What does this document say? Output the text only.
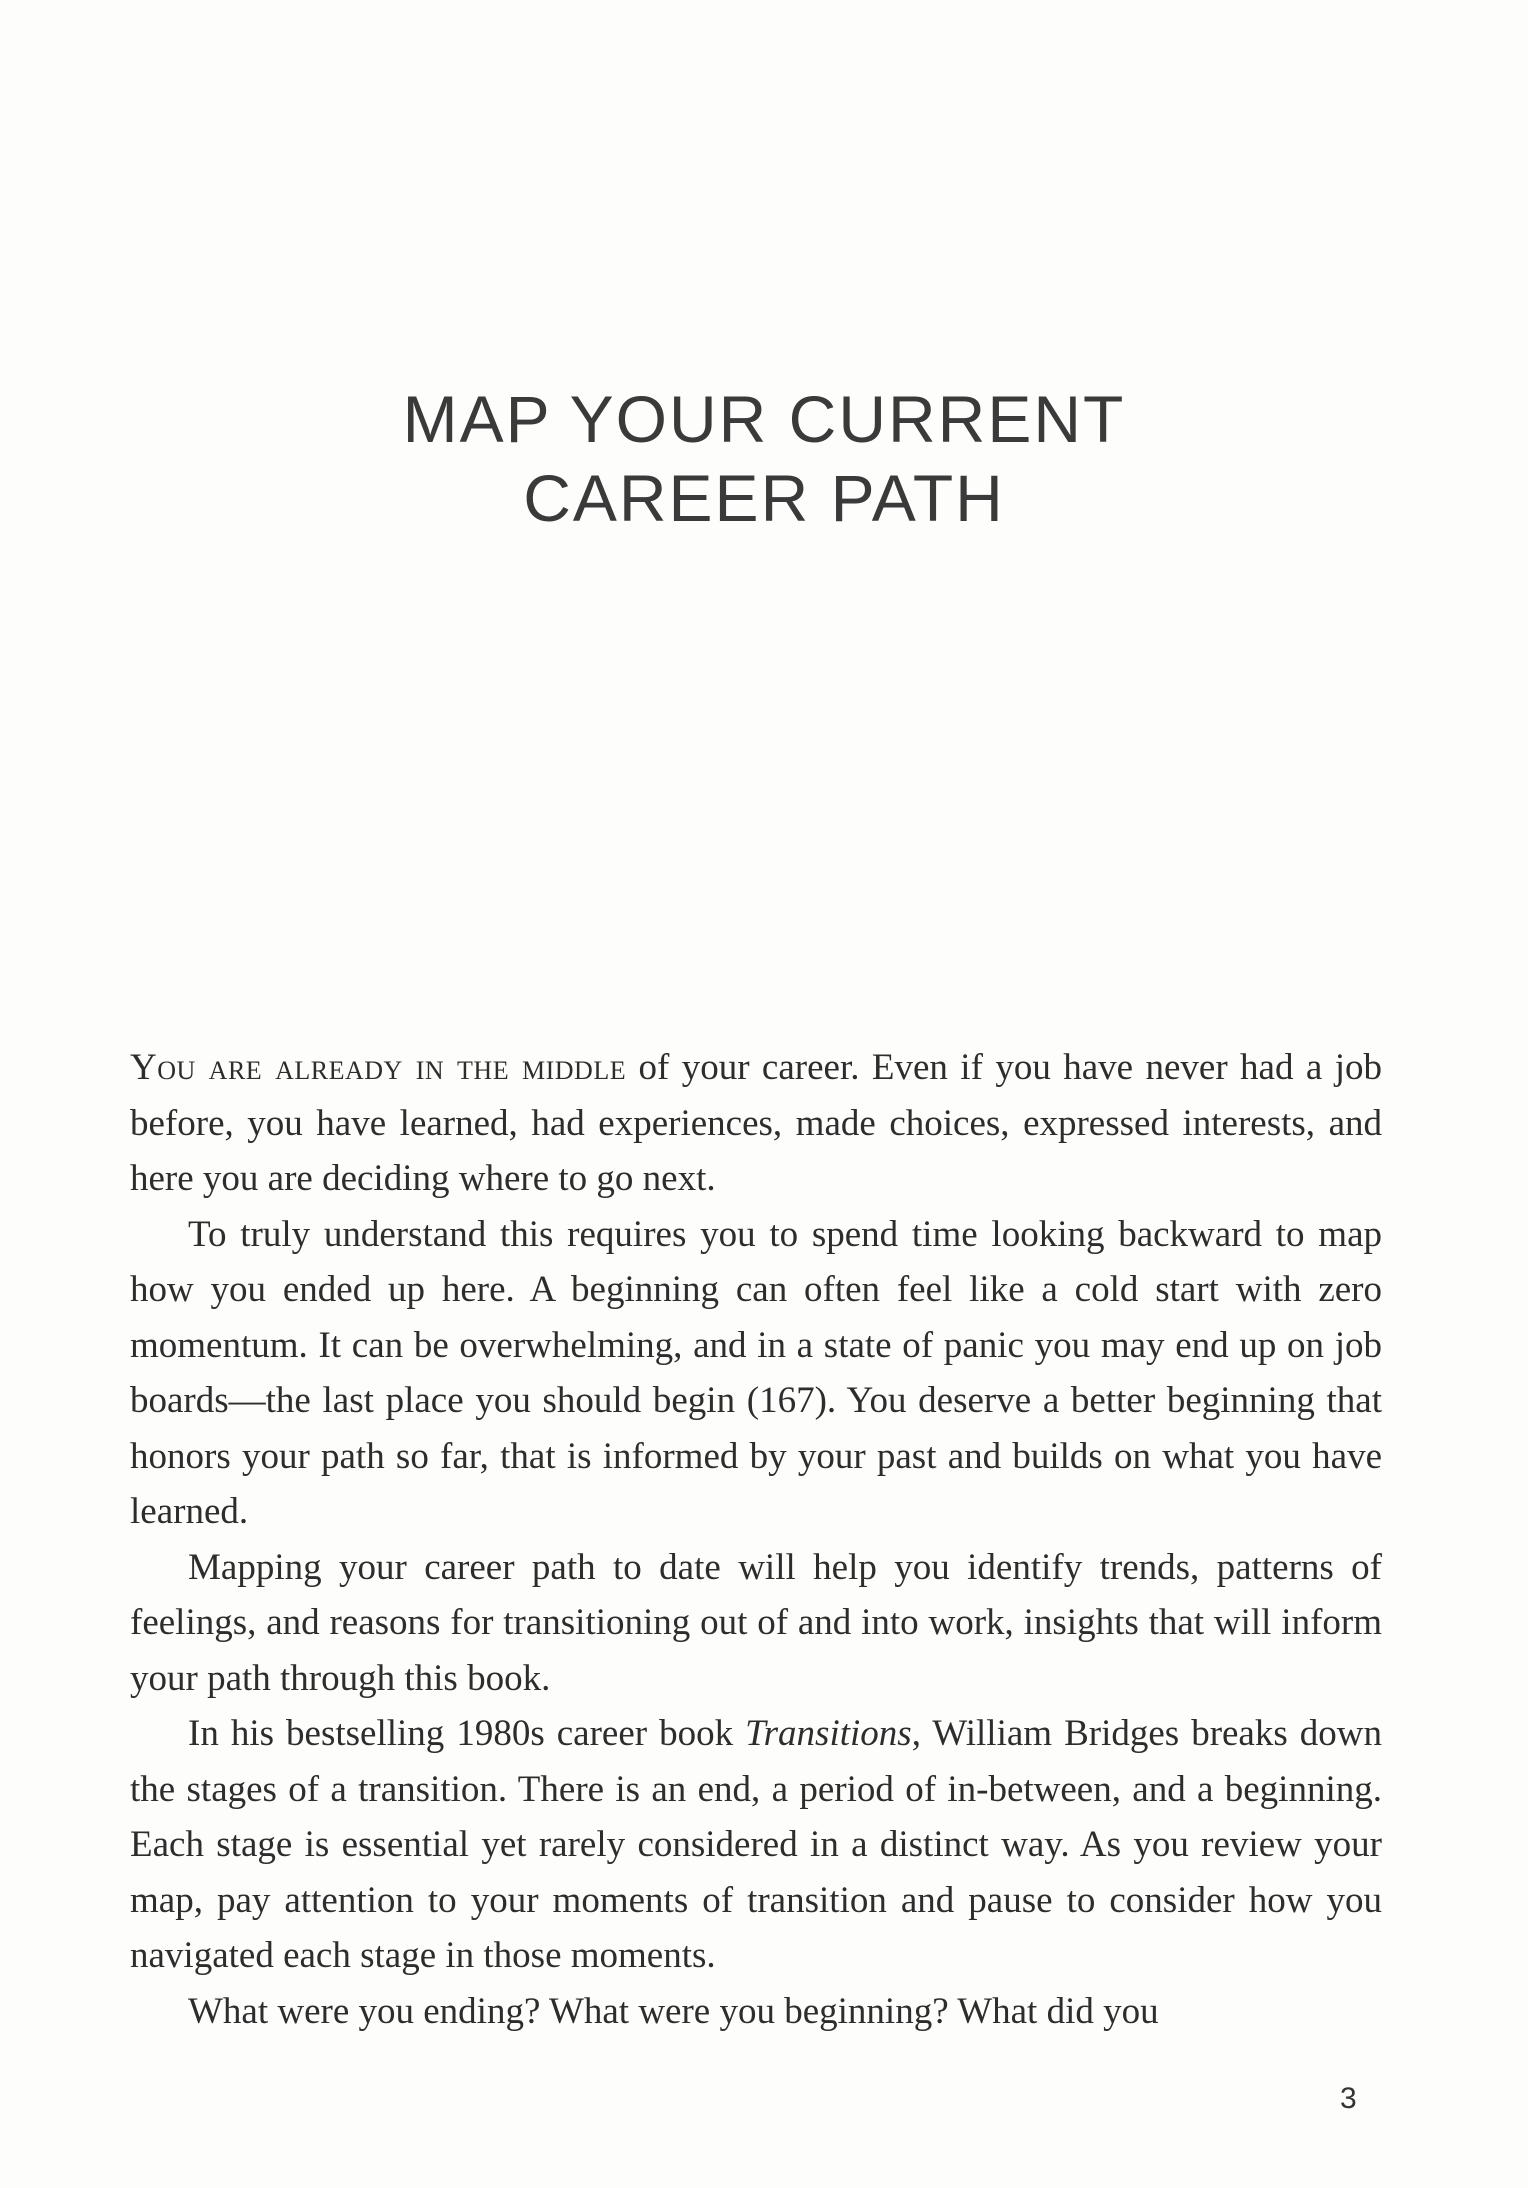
MAP YOUR CURRENT
CAREER PATH

You are already in the middle of your career. Even if you have never had a job before, you have learned, had experiences, made choices, expressed interests, and here you are deciding where to go next.

To truly understand this requires you to spend time looking backward to map how you ended up here. A beginning can often feel like a cold start with zero momentum. It can be overwhelming, and in a state of panic you may end up on job boards—the last place you should begin (167). You deserve a better beginning that honors your path so far, that is informed by your past and builds on what you have learned.

Mapping your career path to date will help you identify trends, patterns of feelings, and reasons for transitioning out of and into work, insights that will inform your path through this book.

In his bestselling 1980s career book Transitions, William Bridges breaks down the stages of a transition. There is an end, a period of in-between, and a beginning. Each stage is essential yet rarely considered in a distinct way. As you review your map, pay attention to your moments of transition and pause to consider how you navigated each stage in those moments.

What were you ending? What were you beginning? What did you

3
